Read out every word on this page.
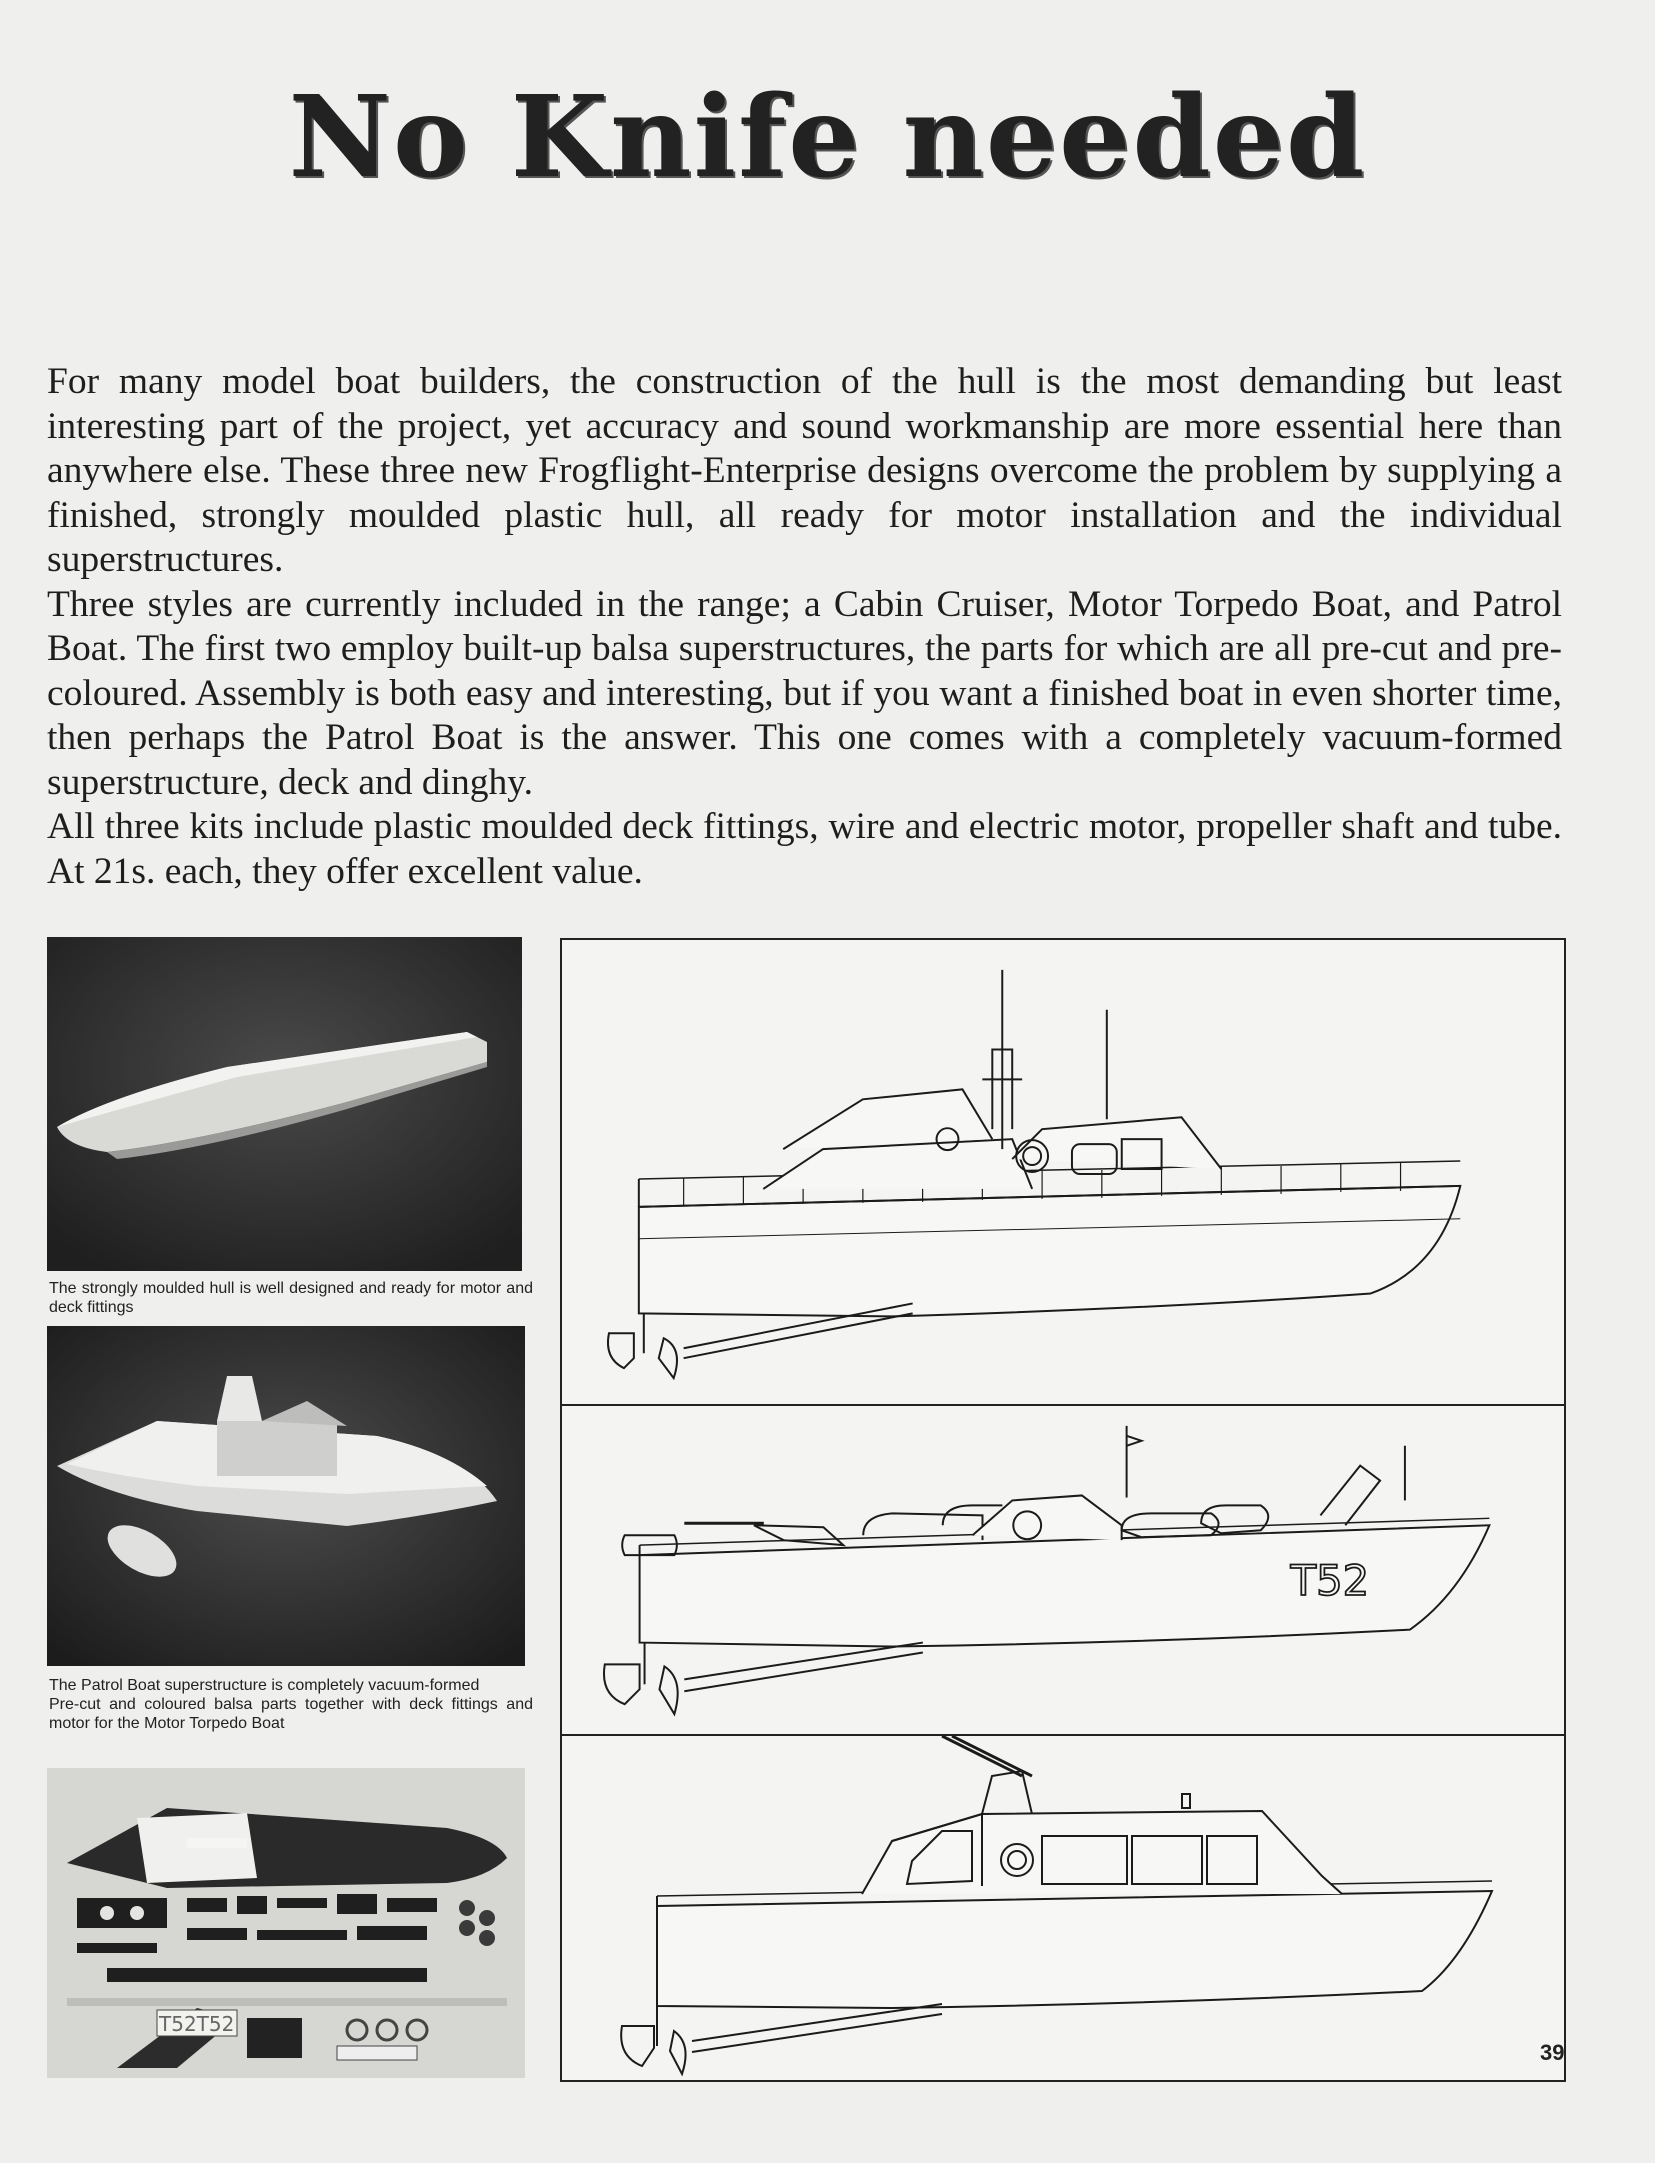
No Knife needed

For many model boat builders, the construction of the hull is the most demanding but least interesting part of the project, yet accuracy and sound workmanship are more essential here than anywhere else. These three new Frogflight-Enterprise designs overcome the problem by supplying a finished, strongly moulded plastic hull, all ready for motor installation and the individual superstructures.

Three styles are currently included in the range; a Cabin Cruiser, Motor Torpedo Boat, and Patrol Boat. The first two employ built-up balsa superstructures, the parts for which are all pre-cut and pre-coloured. Assembly is both easy and interesting, but if you want a finished boat in even shorter time, then perhaps the Patrol Boat is the answer. This one comes with a completely vacuum-formed superstructure, deck and dinghy.

All three kits include plastic moulded deck fittings, wire and electric motor, propeller shaft and tube. At 21s. each, they offer excellent value.

The strongly moulded hull is well designed and ready for motor and deck fittings

The Patrol Boat superstructure is completely vacuum-formed

Pre-cut and coloured balsa parts together with deck fittings and motor for the Motor Torpedo Boat

T52T52
T52
39
